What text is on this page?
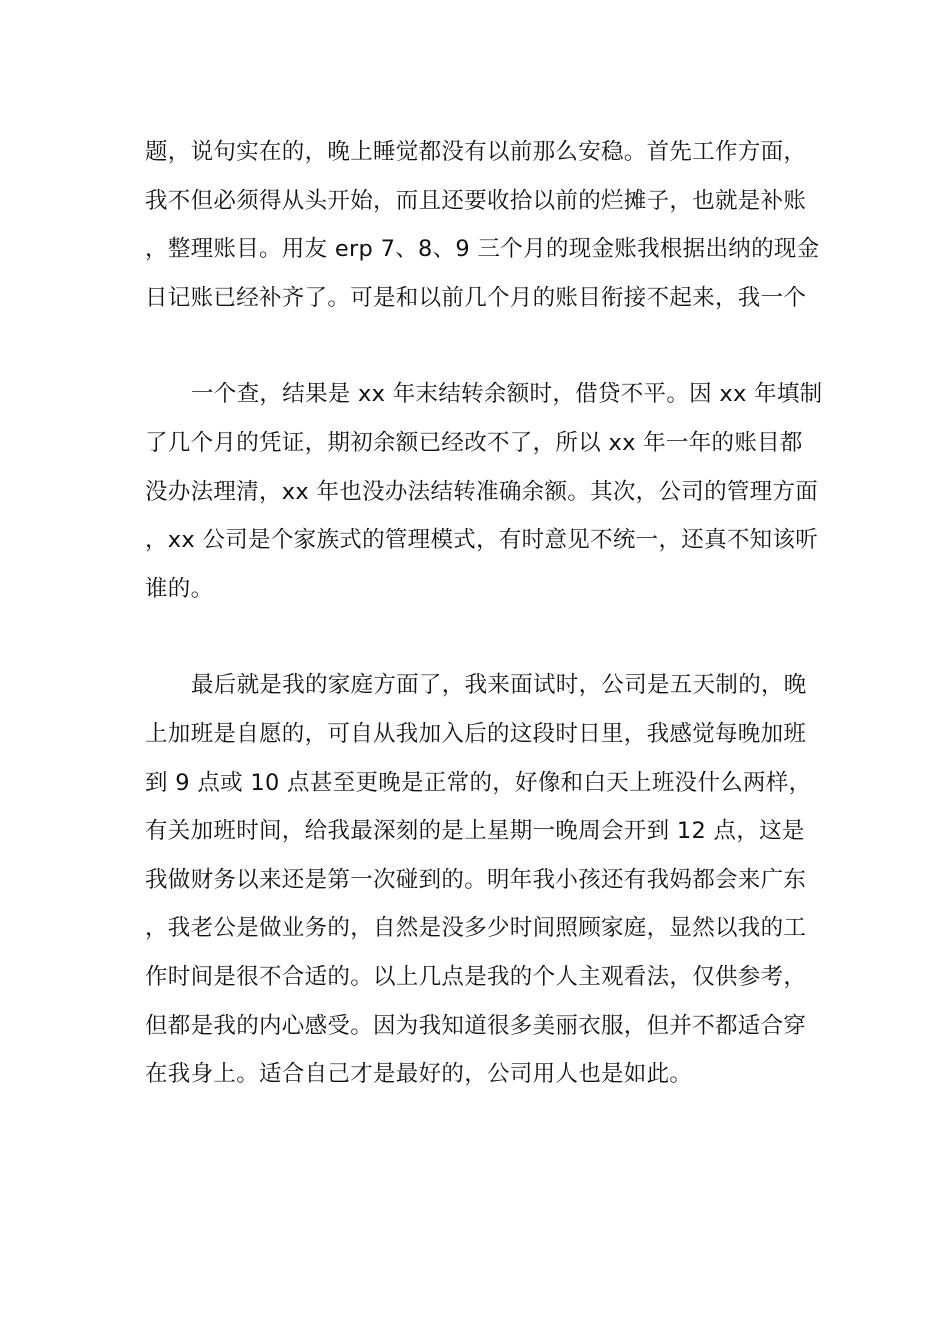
题，说句实在的，晚上睡觉都没有以前那么安稳。首先工作方面，我不但必须得从头开始，而且还要收拾以前的烂摊子，也就是补账，整理账目。用友 erp 7、8、9 三个月的现金账我根据出纳的现金日记账已经补齐了。可是和以前几个月的账目衔接不起来，我一个

一个查，结果是 xx 年末结转余额时，借贷不平。因 xx 年填制了几个月的凭证，期初余额已经改不了，所以 xx 年一年的账目都没办法理清，xx 年也没办法结转准确余额。其次，公司的管理方面，xx 公司是个家族式的管理模式，有时意见不统一，还真不知该听谁的。

最后就是我的家庭方面了，我来面试时，公司是五天制的，晚上加班是自愿的，可自从我加入后的这段时日里，我感觉每晚加班到 9 点或 10 点甚至更晚是正常的，好像和白天上班没什么两样，有关加班时间，给我最深刻的是上星期一晚周会开到 12 点，这是我做财务以来还是第一次碰到的。明年我小孩还有我妈都会来广东，我老公是做业务的，自然是没多少时间照顾家庭，显然以我的工作时间是很不合适的。以上几点是我的个人主观看法，仅供参考，但都是我的内心感受。因为我知道很多美丽衣服，但并不都适合穿在我身上。适合自己才是最好的，公司用人也是如此。
